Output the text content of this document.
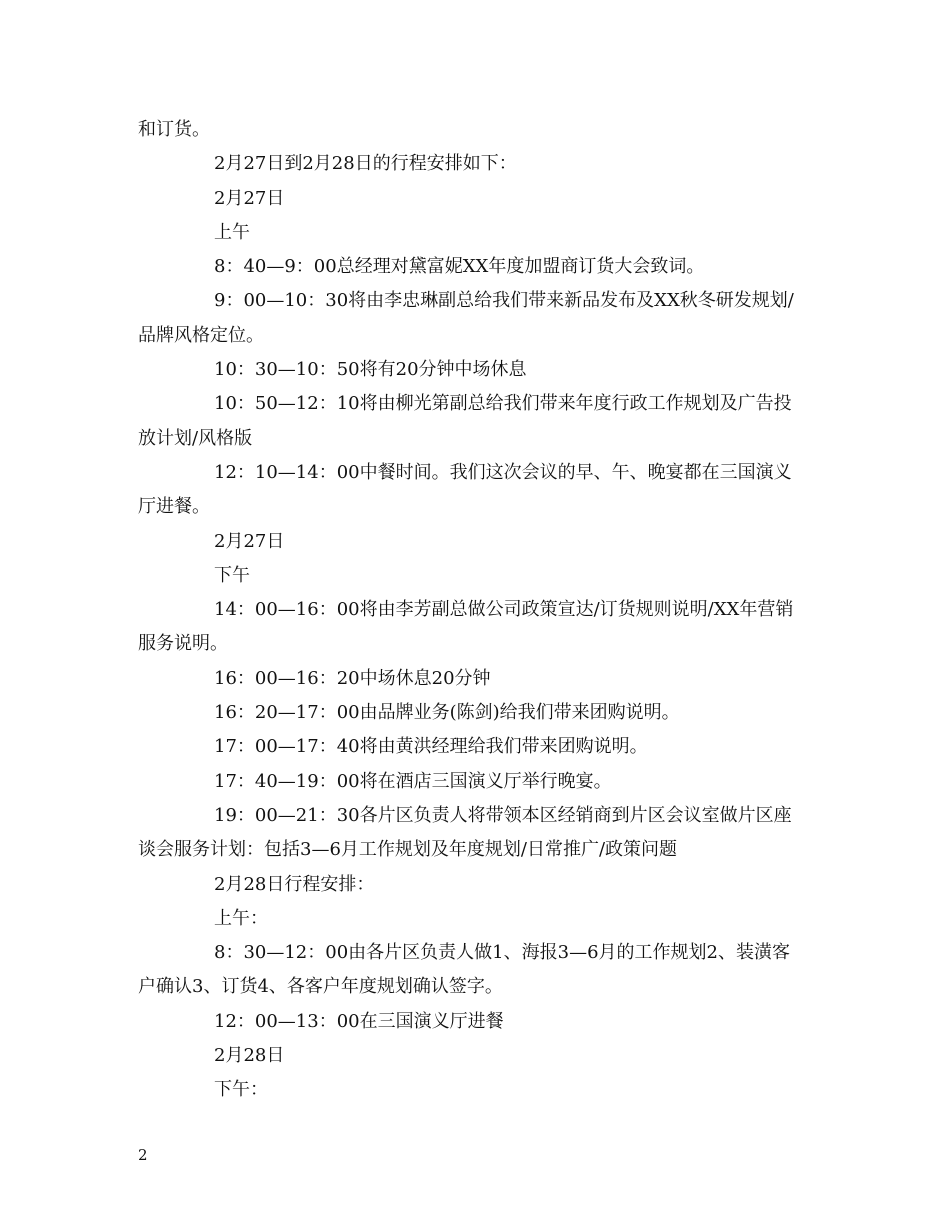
和订货。
2月27日到2月28日的行程安排如下：
2月27日
上午
8：40—9：00总经理对黛富妮XX年度加盟商订货大会致词。
9：00—10：30将由李忠琳副总给我们带来新品发布及XX秋冬研发规划/
品牌风格定位。
10：30—10：50将有20分钟中场休息
10：50—12：10将由柳光第副总给我们带来年度行政工作规划及广告投
放计划/风格版
12：10—14：00中餐时间。我们这次会议的早、午、晚宴都在三国演义
厅进餐。
2月27日
下午
14：00—16：00将由李芳副总做公司政策宣达/订货规则说明/XX年营销
服务说明。
16：00—16：20中场休息20分钟
16：20—17：00由品牌业务(陈剑)给我们带来团购说明。
17：00—17：40将由黄洪经理给我们带来团购说明。
17：40—19：00将在酒店三国演义厅举行晚宴。
19：00—21：30各片区负责人将带领本区经销商到片区会议室做片区座
谈会服务计划：包括3—6月工作规划及年度规划/日常推广/政策问题
2月28日行程安排：
上午：
8：30—12：00由各片区负责人做1、海报3—6月的工作规划2、装潢客
户确认3、订货4、各客户年度规划确认签字。
12：00—13：00在三国演义厅进餐
2月28日
下午：
2
